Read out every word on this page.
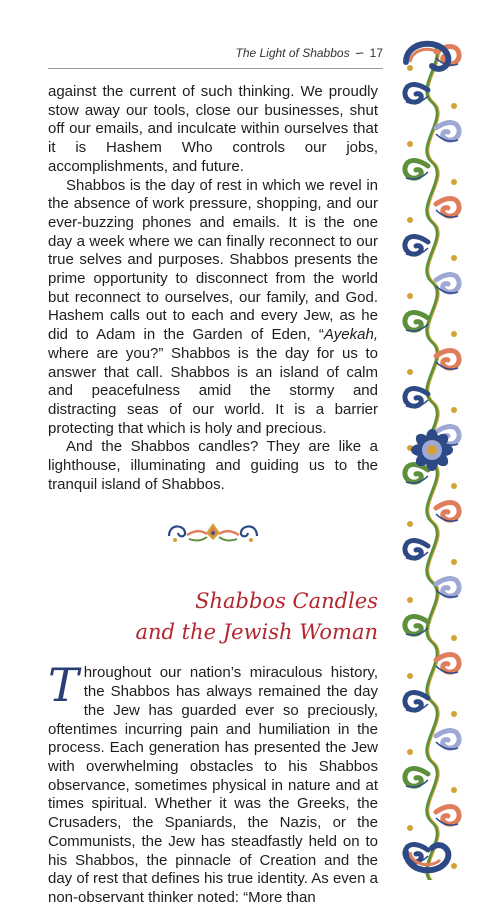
The Light of Shabbos ∽ 17

against the current of such thinking. We proudly stow away our tools, close our businesses, shut off our emails, and inculcate within ourselves that it is Hashem Who controls our jobs, accomplishments, and future.

Shabbos is the day of rest in which we revel in the absence of work pressure, shopping, and our ever-buzzing phones and emails. It is the one day a week where we can finally reconnect to our true selves and purposes. Shabbos presents the prime opportunity to disconnect from the world but reconnect to ourselves, our family, and God. Hashem calls out to each and every Jew, as he did to Adam in the Garden of Eden, “Ayekah, where are you?” Shabbos is the day for us to answer that call. Shabbos is an island of calm and peacefulness amid the stormy and distracting seas of our world. It is a barrier protecting that which is holy and precious.

And the Shabbos candles? They are like a lighthouse, illuminating and guiding us to the tranquil island of Shabbos.

Shabbos Candles
and the Jewish Woman

Throughout our nation’s miraculous history, the Shabbos has always remained the day the Jew has guarded ever so preciously, oftentimes incurring pain and humiliation in the process. Each generation has presented the Jew with overwhelming obstacles to his Shabbos observance, sometimes physical in nature and at times spiritual. Whether it was the Greeks, the Crusaders, the Spaniards, the Nazis, or the Communists, the Jew has steadfastly held on to his Shabbos, the pinnacle of Creation and the day of rest that defines his true identity. As even a non-observant thinker noted: “More than
